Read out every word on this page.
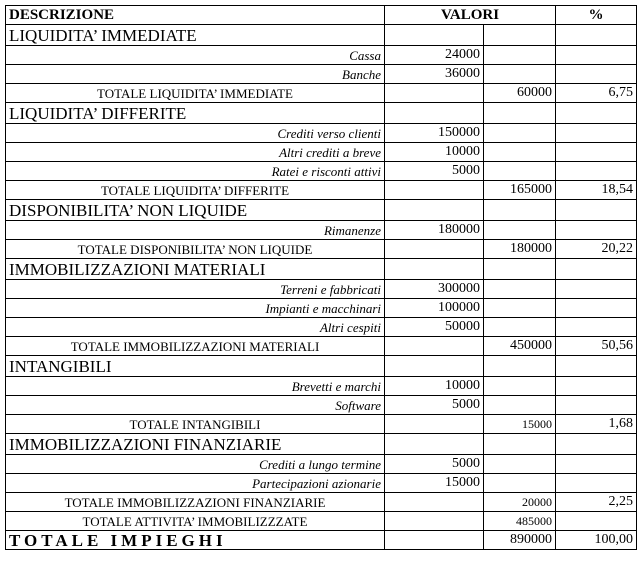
DESCRIZIONE	VALORI		%
LIQUIDITA’ IMMEDIATE			
Cassa	24000		
Banche	36000		
TOTALE LIQUIDITA’ IMMEDIATE		60000	6,75
LIQUIDITA’ DIFFERITE			
Crediti verso clienti	150000		
Altri crediti a breve	10000		
Ratei e risconti attivi	5000		
TOTALE LIQUIDITA’ DIFFERITE		165000	18,54
DISPONIBILITA’ NON LIQUIDE			
Rimanenze	180000		
TOTALE DISPONIBILITA’ NON LIQUIDE		180000	20,22
IMMOBILIZZAZIONI MATERIALI			
Terreni e fabbricati	300000		
Impianti e macchinari	100000		
Altri cespiti	50000		
TOTALE IMMOBILIZZAZIONI MATERIALI		450000	50,56
INTANGIBILI			
Brevetti e marchi	10000		
Software	5000		
TOTALE INTANGIBILI		15000	1,68
IMMOBILIZZAZIONI FINANZIARIE			
Crediti a lungo termine	5000		
Partecipazioni azionarie	15000		
TOTALE IMMOBILIZZAZIONI FINANZIARIE		20000	2,25
TOTALE ATTIVITA’ IMMOBILIZZZATE		485000	
TOTALE IMPIEGHI		890000	100,00
